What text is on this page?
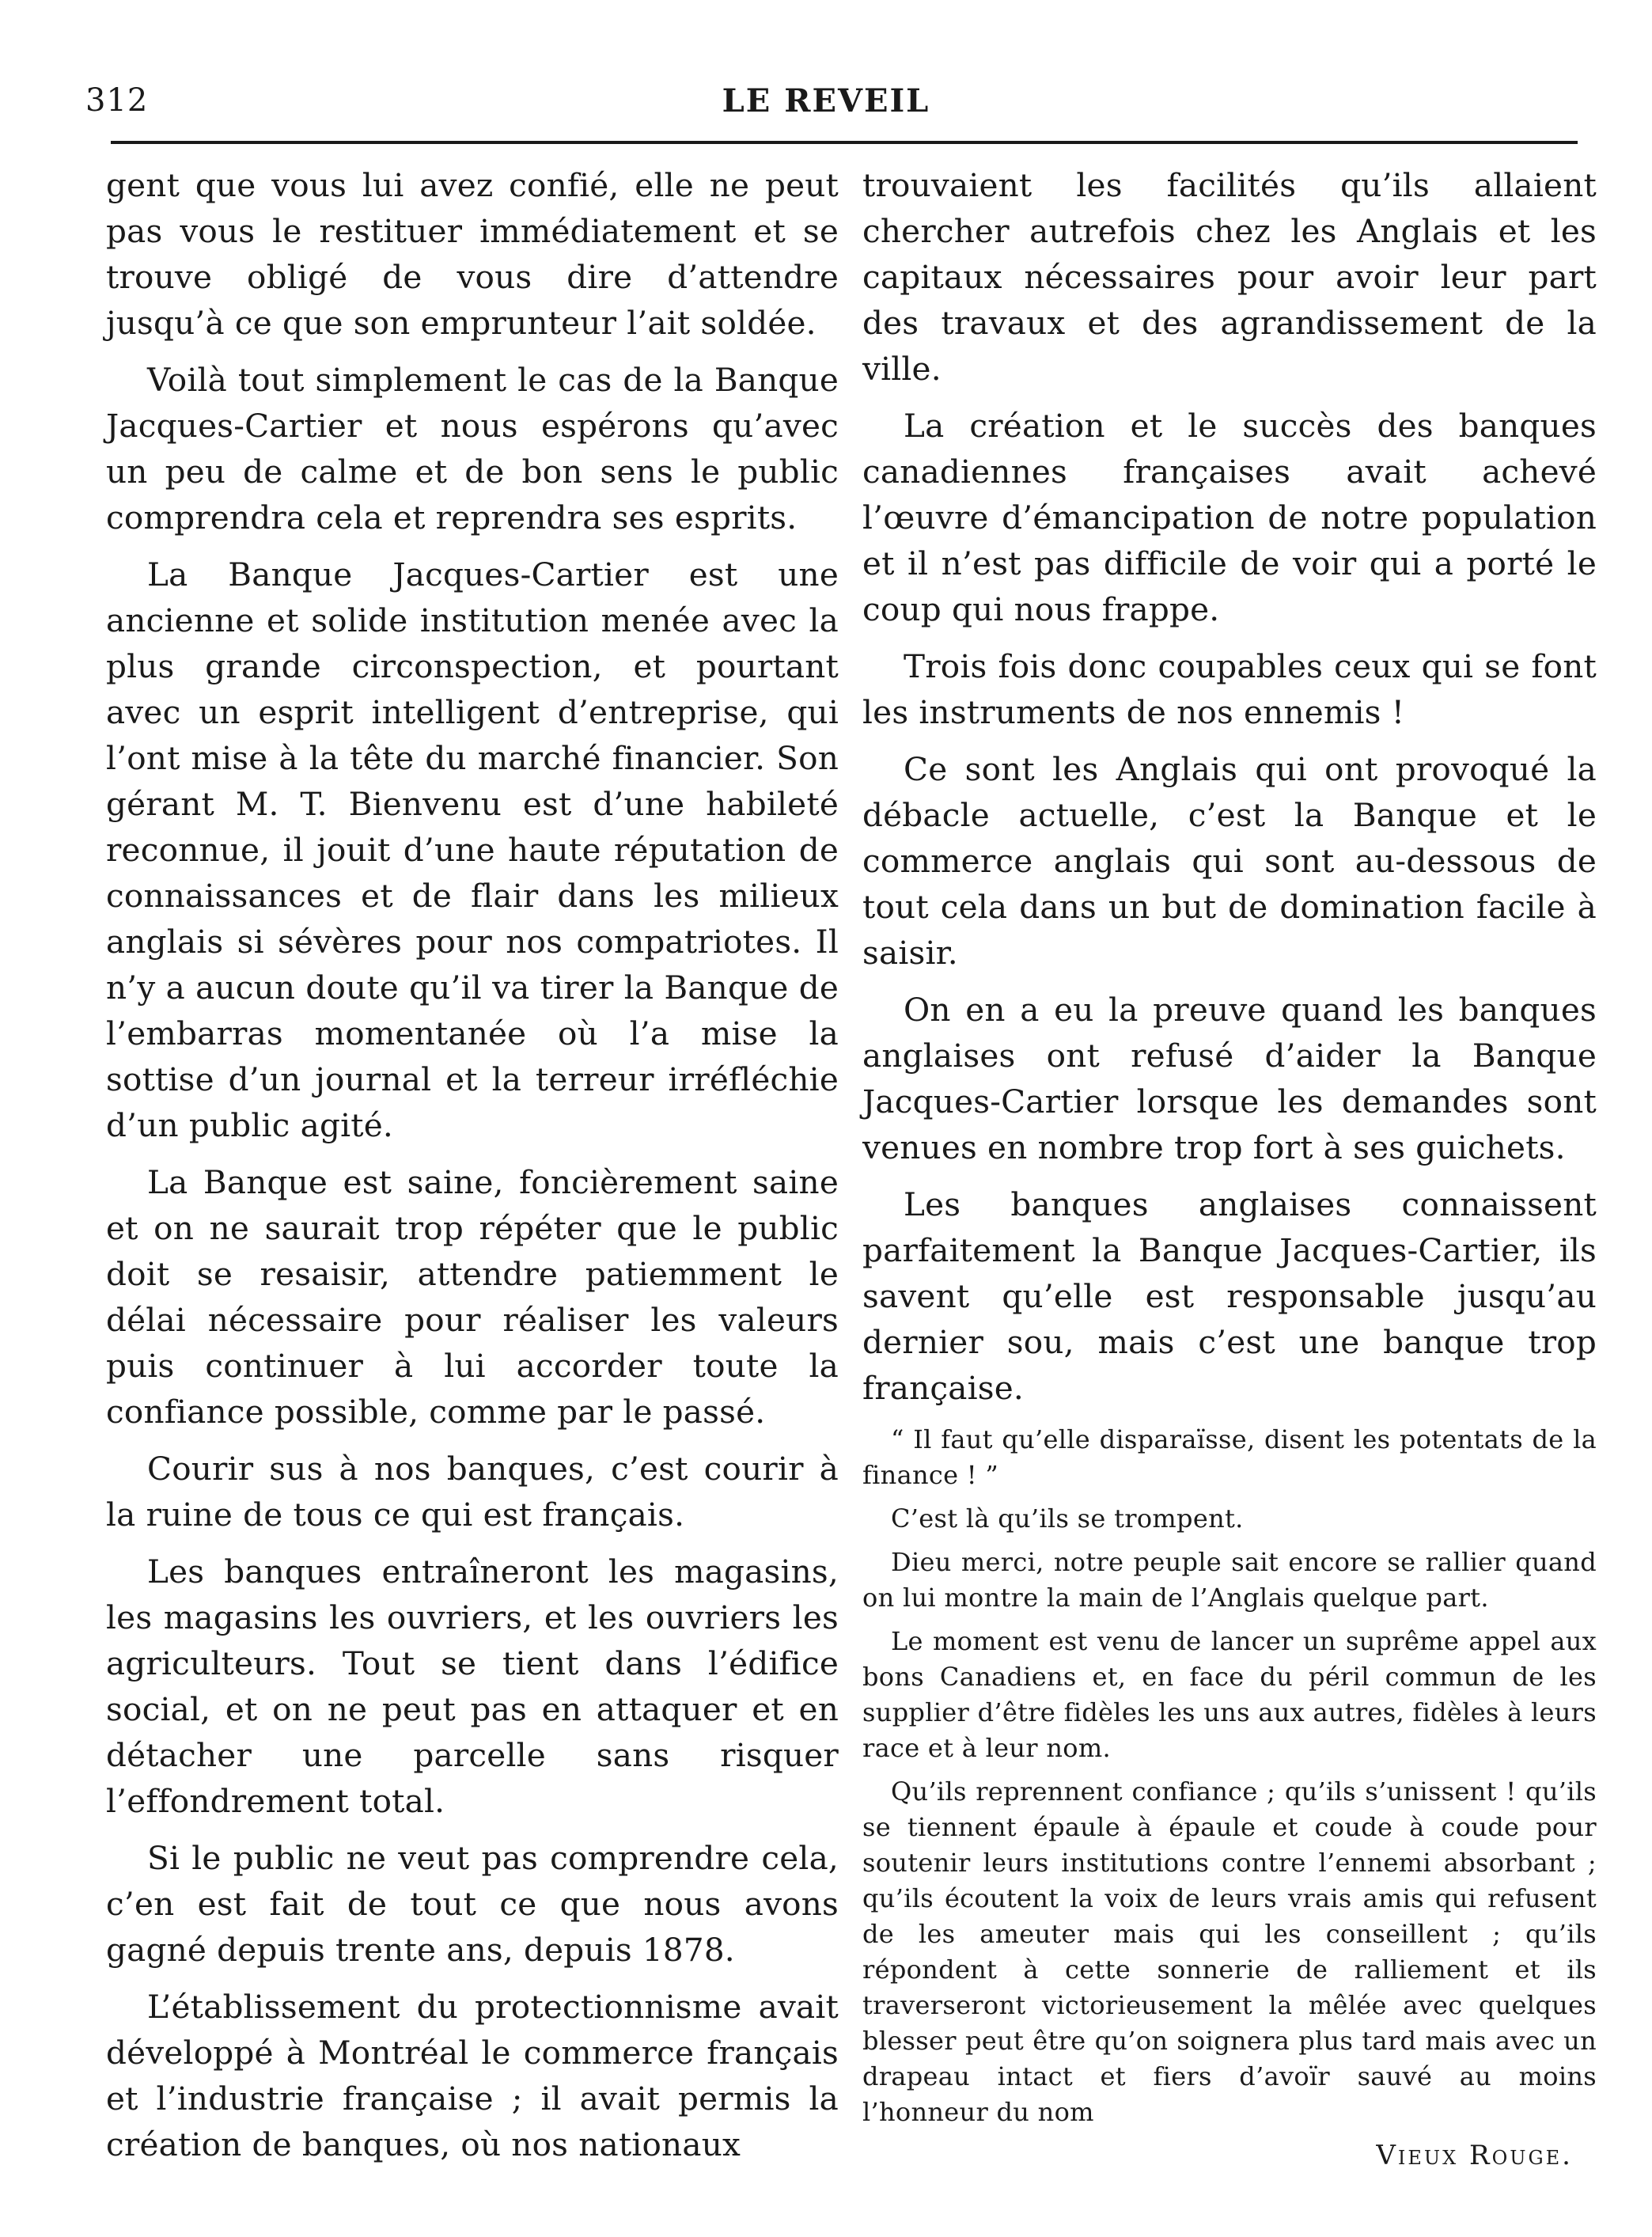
312	LE REVEIL

gent que vous lui avez confié, elle ne peut pas vous le restituer immédiatement et se trouve obligé de vous dire d’attendre jusqu’à ce que son emprunteur l’ait soldée.

Voilà tout simplement le cas de la Banque Jacques-Cartier et nous espérons qu’avec un peu de calme et de bon sens le public comprendra cela et reprendra ses esprits.

La Banque Jacques-Cartier est une ancienne et solide institution menée avec la plus grande circonspection, et pourtant avec un esprit intelligent d’entreprise, qui l’ont mise à la tête du marché financier. Son gérant M. T. Bienvenu est d’une habileté reconnue, il jouit d’une haute réputation de connaissances et de flair dans les milieux anglais si sévères pour nos compatriotes. Il n’y a aucun doute qu’il va tirer la Banque de l’embarras momentanée où l’a mise la sottise d’un journal et la terreur irréfléchie d’un public agité.

La Banque est saine, foncièrement saine et on ne saurait trop répéter que le public doit se resaisir, attendre patiemment le délai nécessaire pour réaliser les valeurs puis continuer à lui accorder toute la confiance possible, comme par le passé.

Courir sus à nos banques, c’est courir à la ruine de tous ce qui est français.

Les banques entraîneront les magasins, les magasins les ouvriers, et les ouvriers les agriculteurs. Tout se tient dans l’édifice social, et on ne peut pas en attaquer et en détacher une parcelle sans risquer l’effondrement total.

Si le public ne veut pas comprendre cela, c’en est fait de tout ce que nous avons gagné depuis trente ans, depuis 1878.

L’établissement du protectionnisme avait développé à Montréal le commerce français et l’industrie française ; il avait permis la création de banques, où nos nationaux

trouvaient les facilités qu’ils allaient chercher autrefois chez les Anglais et les capitaux nécessaires pour avoir leur part des travaux et des agrandissement de la ville.

La création et le succès des banques canadiennes françaises avait achevé l’œuvre d’émancipation de notre population et il n’est pas difficile de voir qui a porté le coup qui nous frappe.

Trois fois donc coupables ceux qui se font les instruments de nos ennemis !

Ce sont les Anglais qui ont provoqué la débacle actuelle, c’est la Banque et le commerce anglais qui sont au-dessous de tout cela dans un but de domination facile à saisir.

On en a eu la preuve quand les banques anglaises ont refusé d’aider la Banque Jacques-Cartier lorsque les demandes sont venues en nombre trop fort à ses guichets.

Les banques anglaises connaissent parfaitement la Banque Jacques-Cartier, ils savent qu’elle est responsable jusqu’au dernier sou, mais c’est une banque trop française.

“ Il faut qu’elle disparaïsse, disent les potentats de la finance ! ”

C’est là qu’ils se trompent.

Dieu merci, notre peuple sait encore se rallier quand on lui montre la main de l’Anglais quelque part.

Le moment est venu de lancer un suprême appel aux bons Canadiens et, en face du péril commun de les supplier d’être fidèles les uns aux autres, fidèles à leurs race et à leur nom.

Qu’ils reprennent confiance ; qu’ils s’unissent ! qu’ils se tiennent épaule à épaule et coude à coude pour soutenir leurs institutions contre l’ennemi absorbant ; qu’ils écoutent la voix de leurs vrais amis qui refusent de les ameuter mais qui les conseillent ; qu’ils répondent à cette sonnerie de ralliement et ils traverseront victorieusement la mêlée avec quelques blesser peut être qu’on soignera plus tard mais avec un drapeau intact et fiers d’avoïr sauvé au moins l’honneur du nom

Vieux Rouge.
